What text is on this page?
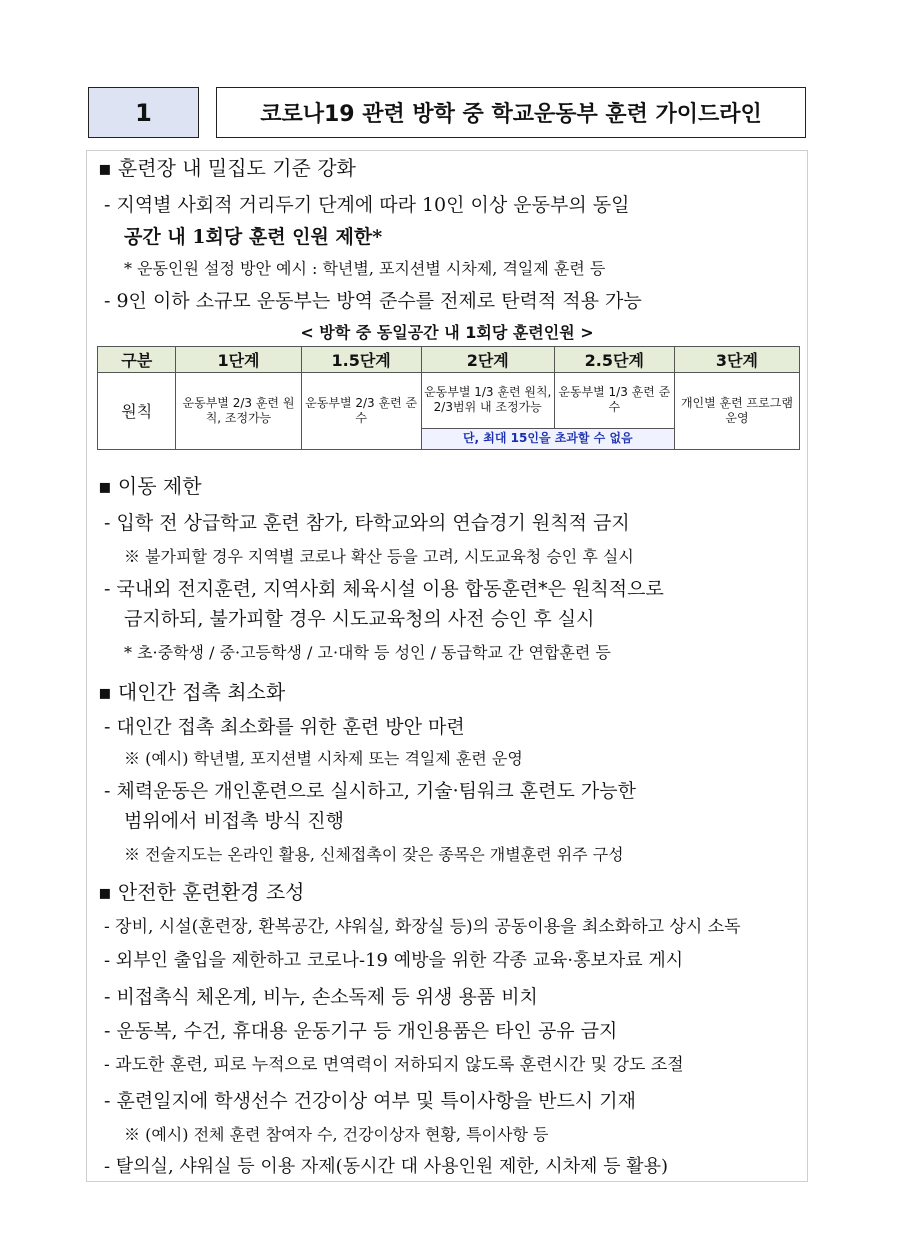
1	코로나19 관련 방학 중 학교운동부 훈련 가이드라인
▪ 훈련장 내 밀집도 기준 강화
- 지역별 사회적 거리두기 단계에 따라 10인 이상 운동부의 동일
공간 내 1회당 훈련 인원 제한*
* 운동인원 설정 방안 예시 : 학년별, 포지션별 시차제, 격일제 훈련 등
- 9인 이하 소규모 운동부는 방역 준수를 전제로 탄력적 적용 가능
< 방학 중 동일공간 내 1회당 훈련인원 >
구분	1단계	1.5단계	2단계	2.5단계	3단계
원칙	운동부별 2/3 훈련 원칙, 조정가능	운동부별 2/3 훈련 준수	운동부별 1/3 훈련 원칙, 2/3범위 내 조정가능	운동부별 1/3 훈련 준수	개인별 훈련 프로그램 운영
			단, 최대 15인을 초과할 수 없음		
▪ 이동 제한
- 입학 전 상급학교 훈련 참가, 타학교와의 연습경기 원칙적 금지
※ 불가피할 경우 지역별 코로나 확산 등을 고려, 시도교육청 승인 후 실시
- 국내외 전지훈련, 지역사회 체육시설 이용 합동훈련*은 원칙적으로
금지하되, 불가피할 경우 시도교육청의 사전 승인 후 실시
* 초·중학생 / 중·고등학생 / 고·대학 등 성인 / 동급학교 간 연합훈련 등
▪ 대인간 접촉 최소화
- 대인간 접촉 최소화를 위한 훈련 방안 마련
※ (예시) 학년별, 포지션별 시차제 또는 격일제 훈련 운영
- 체력운동은 개인훈련으로 실시하고, 기술·팀워크 훈련도 가능한
범위에서 비접촉 방식 진행
※ 전술지도는 온라인 활용, 신체접촉이 잦은 종목은 개별훈련 위주 구성
▪ 안전한 훈련환경 조성
- 장비, 시설(훈련장, 환복공간, 샤워실, 화장실 등)의 공동이용을 최소화하고 상시 소독
- 외부인 출입을 제한하고 코로나-19 예방을 위한 각종 교육·홍보자료 게시
- 비접촉식 체온계, 비누, 손소독제 등 위생 용품 비치
- 운동복, 수건, 휴대용 운동기구 등 개인용품은 타인 공유 금지
- 과도한 훈련, 피로 누적으로 면역력이 저하되지 않도록 훈련시간 및 강도 조절
- 훈련일지에 학생선수 건강이상 여부 및 특이사항을 반드시 기재
※ (예시) 전체 훈련 참여자 수, 건강이상자 현황, 특이사항 등
- 탈의실, 샤워실 등 이용 자제(동시간 대 사용인원 제한, 시차제 등 활용)
